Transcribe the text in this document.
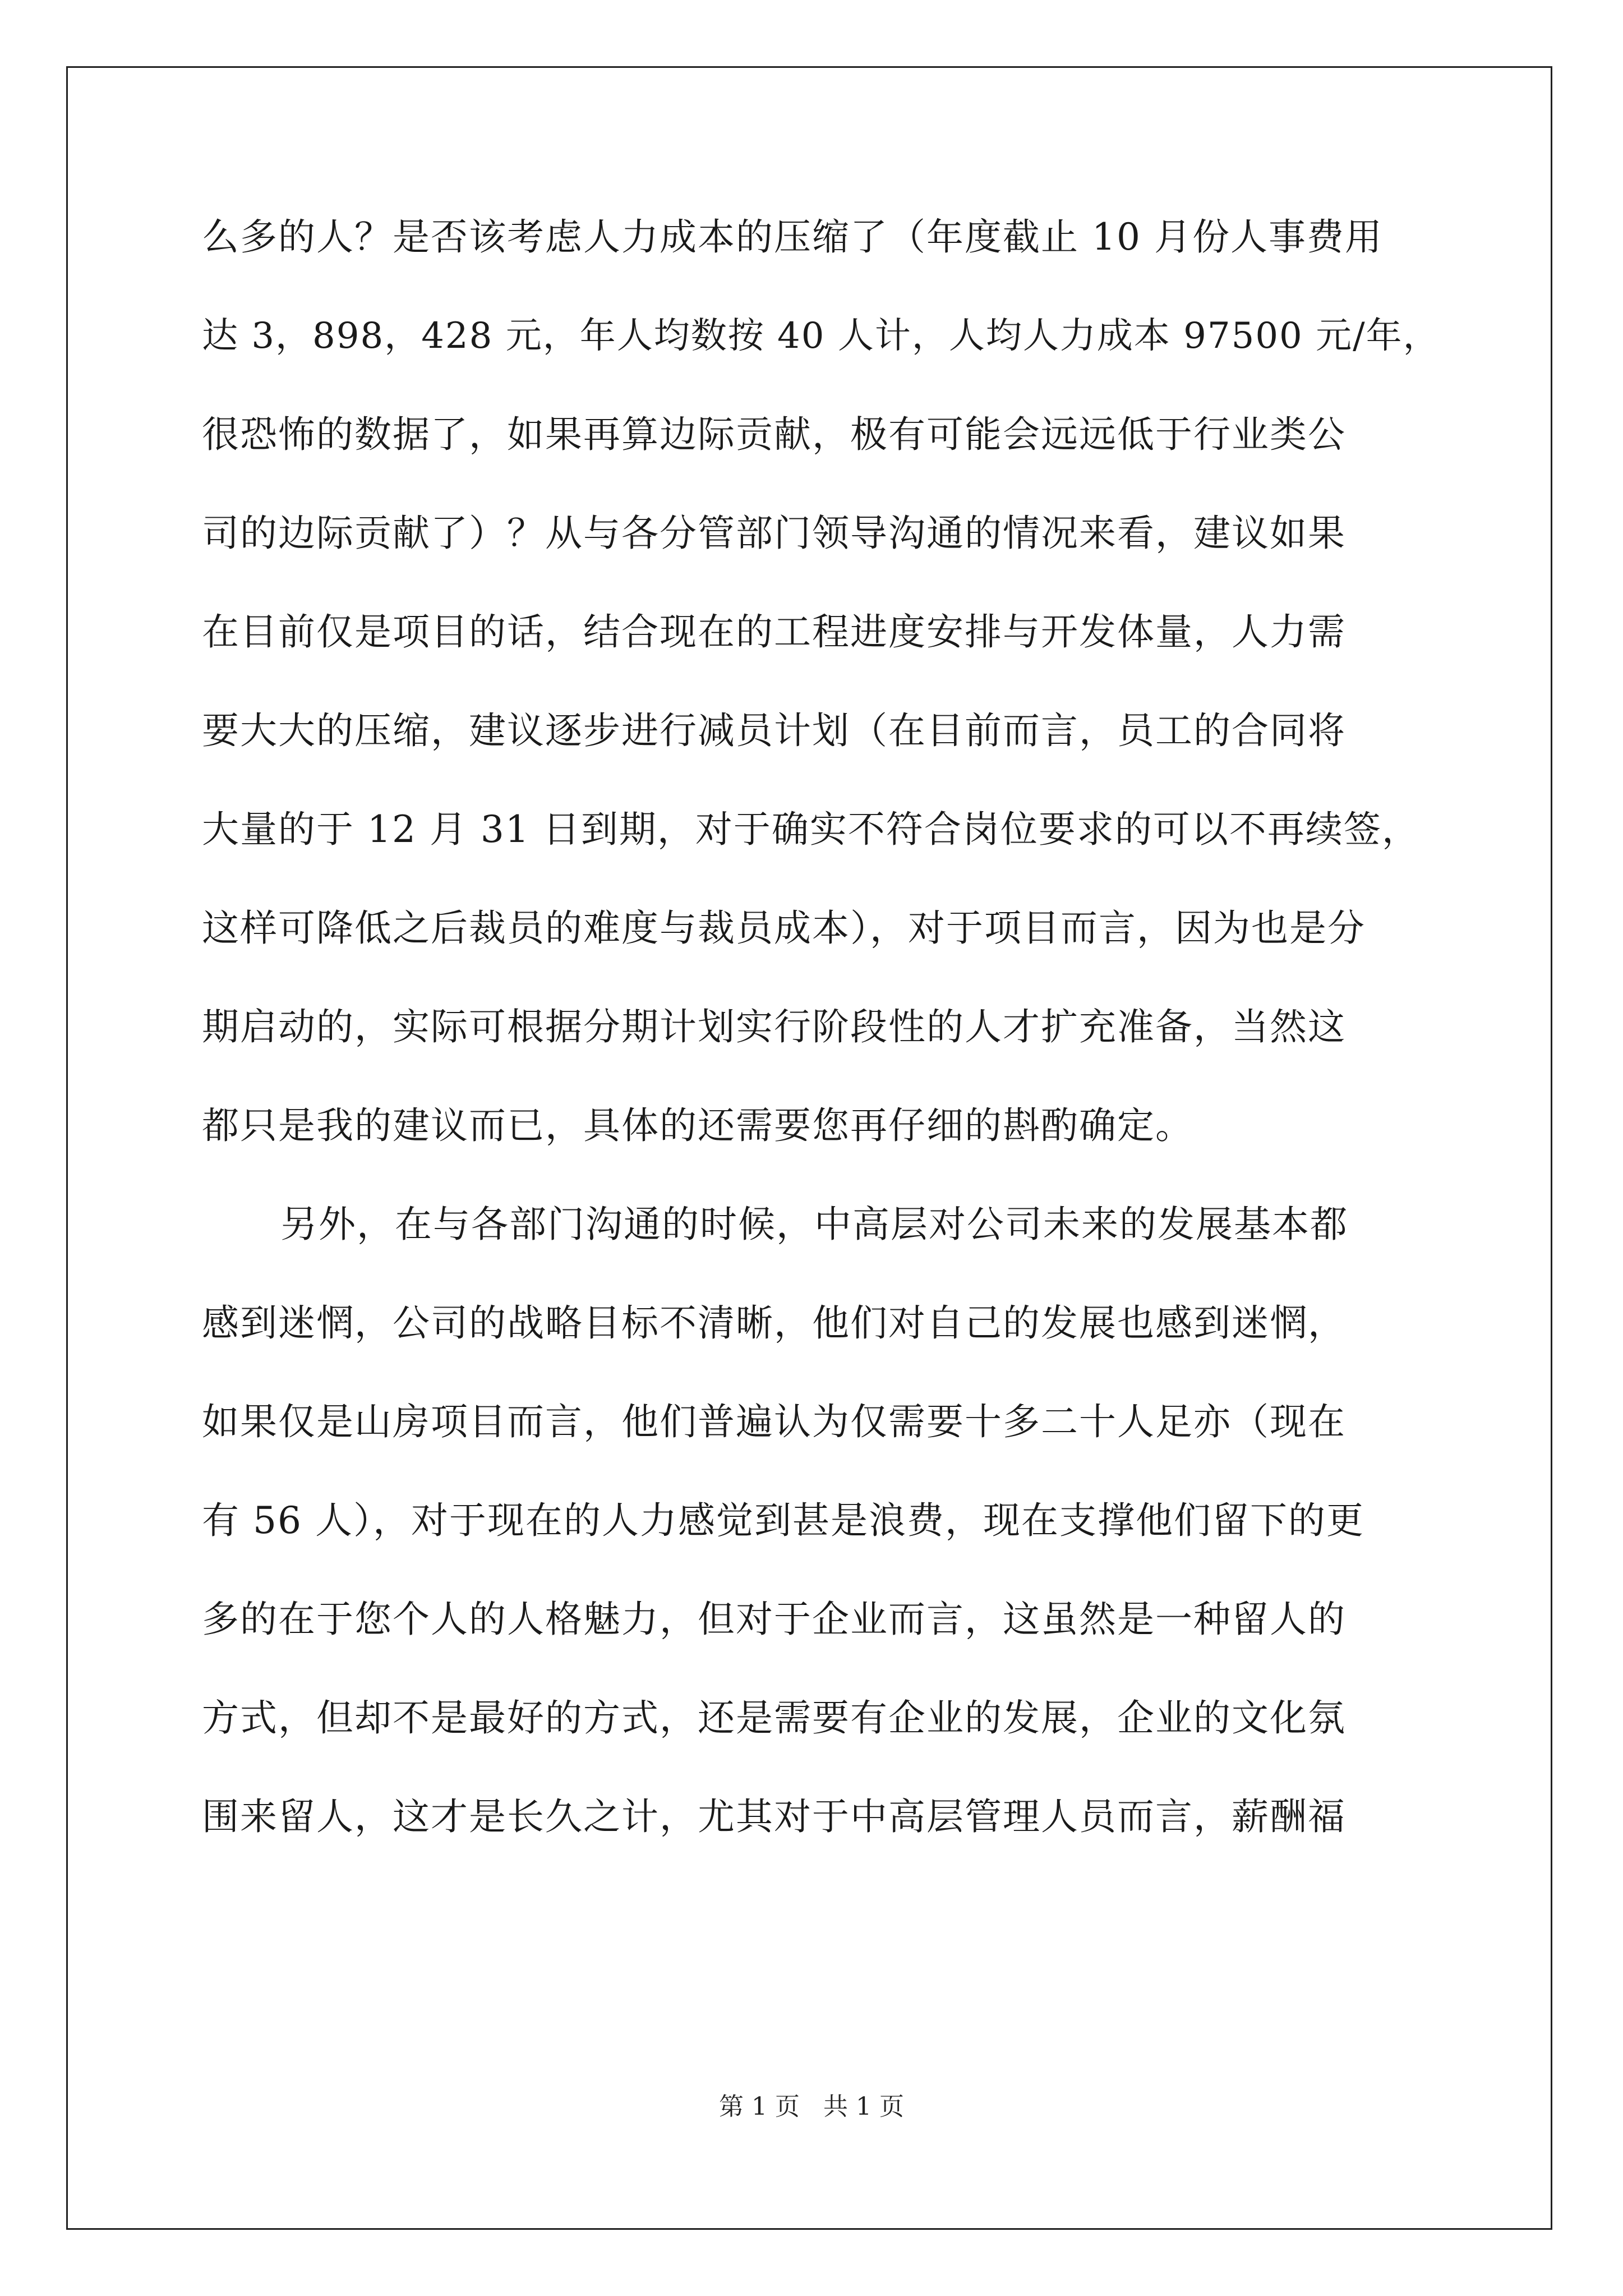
么多的人？是否该考虑人力成本的压缩了（年度截止 10 月份人事费用
达 3，898，428 元，年人均数按 40 人计，人均人力成本 97500 元/年，
很恐怖的数据了，如果再算边际贡献，极有可能会远远低于行业类公
司的边际贡献了）？从与各分管部门领导沟通的情况来看，建议如果
在目前仅是项目的话，结合现在的工程进度安排与开发体量，人力需
要大大的压缩，建议逐步进行减员计划（在目前而言，员工的合同将
大量的于 12 月 31 日到期，对于确实不符合岗位要求的可以不再续签，
这样可降低之后裁员的难度与裁员成本），对于项目而言，因为也是分
期启动的，实际可根据分期计划实行阶段性的人才扩充准备，当然这
都只是我的建议而已，具体的还需要您再仔细的斟酌确定。
另外，在与各部门沟通的时候，中高层对公司未来的发展基本都
感到迷惘，公司的战略目标不清晰，他们对自己的发展也感到迷惘，
如果仅是山房项目而言，他们普遍认为仅需要十多二十人足亦（现在
有 56 人），对于现在的人力感觉到甚是浪费，现在支撑他们留下的更
多的在于您个人的人格魅力，但对于企业而言，这虽然是一种留人的
方式，但却不是最好的方式，还是需要有企业的发展，企业的文化氛
围来留人，这才是长久之计，尤其对于中高层管理人员而言，薪酬福
第 1 页   共 1 页
